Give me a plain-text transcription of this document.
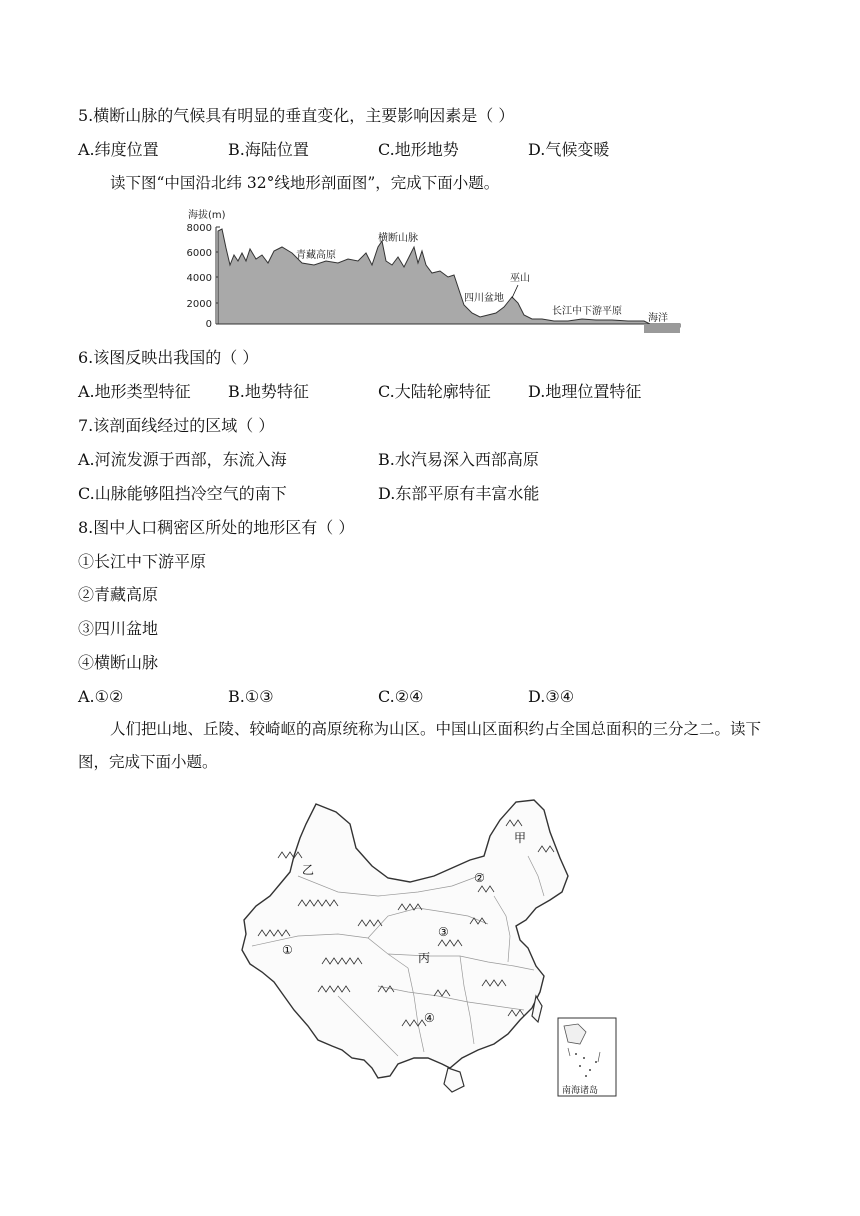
5.横断山脉的气候具有明显的垂直变化，主要影响因素是（ ）
A.纬度位置	B.海陆位置	C.地形地势	D.气候变暖
读下图“中国沿北纬 32°线地形剖面图”，完成下面小题。
海拔(m)
8000
6000
4000
2000
0
青藏高原
横断山脉
四川盆地
巫山
长江中下游平原
海洋
6.该图反映出我国的（ ）
A.地形类型特征 B.地势特征	C.大陆轮廓特征 D.地理位置特征
7.该剖面线经过的区域（ ）
A.河流发源于西部，东流入海	B.水汽易深入西部高原
C.山脉能够阻挡冷空气的南下	D.东部平原有丰富水能
8.图中人口稠密区所处的地形区有（ ）
①长江中下游平原
②青藏高原
③四川盆地
④横断山脉
A.①②	B.①③	C.②④	D.③④
人们把山地、丘陵、较崎岖的高原统称为山区。中国山区面积约占全国总面积的三分之二。读下图，完成下面小题。
甲
乙
丙
①
②
③
④
南海诸岛
